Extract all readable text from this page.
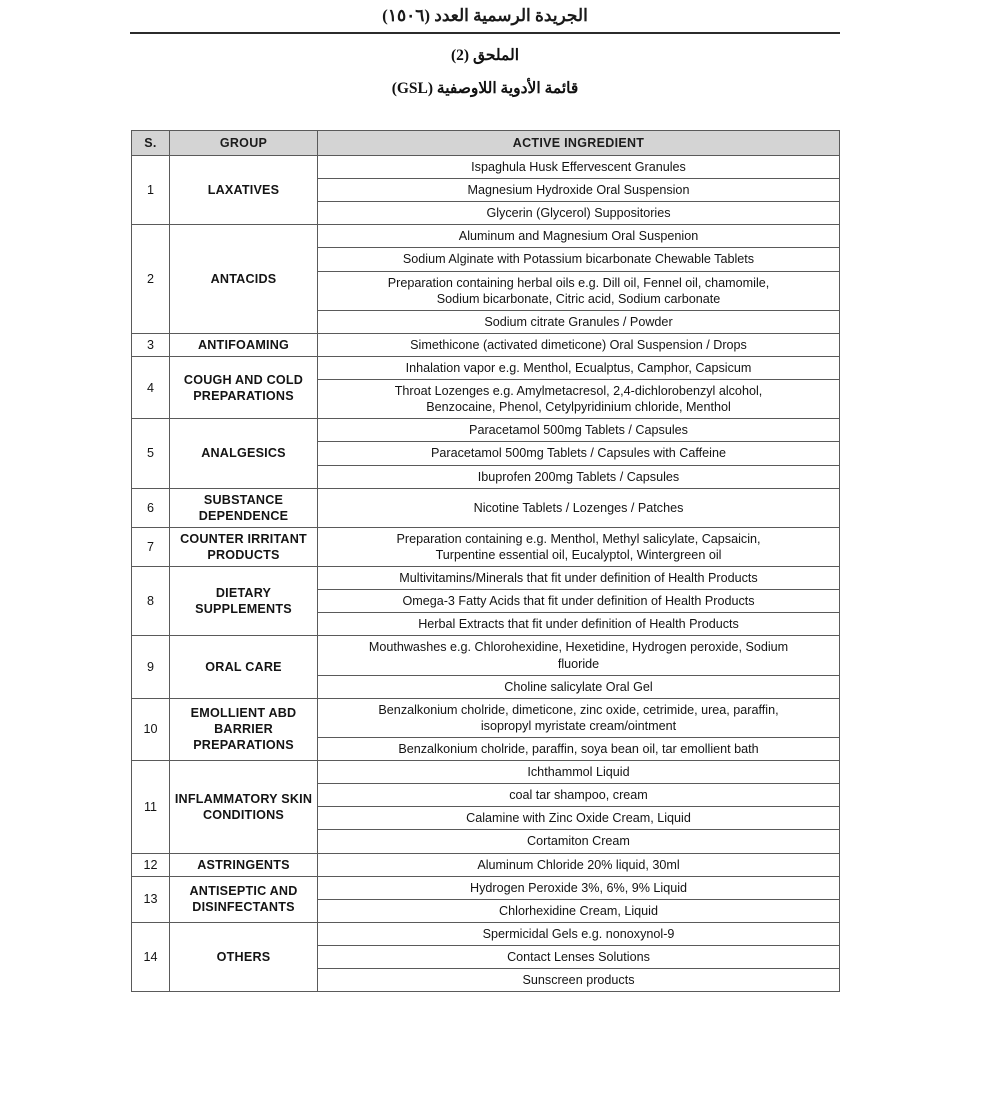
الجريدة الرسمية العدد (١٥٠٦)
الملحق (2)
قائمة الأدوية اللاوصفية (GSL)
S.	GROUP	ACTIVE INGREDIENT
1	LAXATIVES	Ispaghula Husk Effervescent Granules

		Magnesium Hydroxide Oral Suspension

		Glycerin (Glycerol) Suppositories

2	ANTACIDS	Aluminum and Magnesium Oral Suspenion

		Sodium Alginate with Potassium bicarbonate Chewable Tablets

		Preparation containing herbal oils e.g. Dill oil, Fennel oil, chamomile,
Sodium bicarbonate, Citric acid, Sodium carbonate

		Sodium citrate Granules / Powder

3	ANTIFOAMING	Simethicone (activated dimeticone) Oral Suspension / Drops

4	COUGH AND COLD PREPARATIONS	Inhalation vapor e.g. Menthol, Ecualptus, Camphor, Capsicum

		Throat Lozenges e.g. Amylmetacresol, 2,4-dichlorobenzyl alcohol,
Benzocaine, Phenol, Cetylpyridinium chloride, Menthol

5	ANALGESICS	Paracetamol 500mg Tablets / Capsules

		Paracetamol 500mg Tablets / Capsules with Caffeine

		Ibuprofen 200mg Tablets / Capsules

6	SUBSTANCE DEPENDENCE	Nicotine Tablets / Lozenges / Patches

7	COUNTER IRRITANT PRODUCTS	Preparation containing e.g. Menthol, Methyl salicylate, Capsaicin,
Turpentine essential oil, Eucalyptol, Wintergreen oil

8	DIETARY SUPPLEMENTS	Multivitamins/Minerals that fit under definition of Health Products

		Omega-3 Fatty Acids that fit under definition of Health Products

		Herbal Extracts that fit under definition of Health Products

9	ORAL CARE	Mouthwashes e.g. Chlorohexidine, Hexetidine, Hydrogen peroxide, Sodium
fluoride

		Choline salicylate Oral Gel

10	EMOLLIENT ABD BARRIER PREPARATIONS	Benzalkonium cholride, dimeticone, zinc oxide, cetrimide, urea, paraffin,
isopropyl myristate cream/ointment

		Benzalkonium cholride, paraffin, soya bean oil, tar emollient bath

11	INFLAMMATORY SKIN CONDITIONS	Ichthammol Liquid

		coal tar shampoo, cream

		Calamine with Zinc Oxide Cream, Liquid

		Cortamiton Cream

12	ASTRINGENTS	Aluminum Chloride 20% liquid, 30ml

13	ANTISEPTIC AND DISINFECTANTS	Hydrogen Peroxide 3%, 6%, 9% Liquid

		Chlorhexidine Cream, Liquid

14	OTHERS	Spermicidal Gels e.g. nonoxynol-9

		Contact Lenses Solutions

		Sunscreen products
